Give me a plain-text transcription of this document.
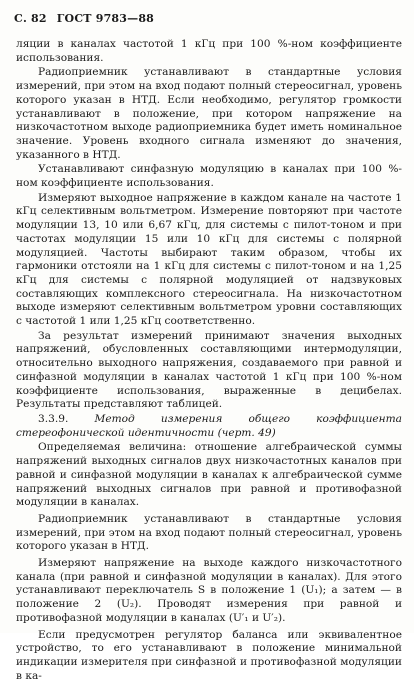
С. 82 ГОСТ 9783—88

ляции в каналах частотой 1 кГц при 100 %-ном коэффициенте использования.

Радиоприемник устанавливают в стандартные условия измерений, при этом на вход подают полный стереосигнал, уровень которого указан в НТД. Если необходимо, регулятор громкости устанавливают в положение, при котором напряжение на низкочастотном выходе радиоприемника будет иметь номинальное значение. Уровень входного сигнала изменяют до значения, указанного в НТД.

Устанавливают синфазную модуляцию в каналах при 100 %-ном коэффициенте использования.

Измеряют выходное напряжение в каждом канале на частоте 1 кГц селективным вольтметром. Измерение повторяют при частоте модуляции 13, 10 или 6,67 кГц, для системы с пилот-тоном и при частотах модуляции 15 или 10 кГц для системы с полярной модуляцией. Частоты выбирают таким образом, чтобы их гармоники отстояли на 1 кГц для системы с пилот-тоном и на 1,25 кГц для системы с полярной модуляцией от надзвуковых составляющих комплексного стереосигнала. На низкочастотном выходе измеряют селективным вольтметром уровни составляющих с частотой 1 или 1,25 кГц соответственно.

За результат измерений принимают значения выходных напряжений, обусловленных составляющими интермодуляции, относительно выходного напряжения, создаваемого при равной и синфазной модуляции в каналах частотой 1 кГц при 100 %-ном коэффициенте использования, выраженные в децибелах. Результаты представляют таблицей.

3.3.9. Метод измерения общего коэффициента стереофонической идентичности (черт. 49)

Определяемая величина: отношение алгебраической суммы напряжений выходных сигналов двух низкочастотных каналов при равной и синфазной модуляции в каналах к алгебраической сумме напряжений выходных сигналов при равной и противофазной модуляции в каналах.

Радиоприемник устанавливают в стандартные условия измерений, при этом на вход подают полный стереосигнал, уровень которого указан в НТД.

Измеряют напряжение на выходе каждого низкочастотного канала (при равной и синфазной модуляции в каналах). Для этого устанавливают переключатель S в положение 1 (U₁); а затем — в положение 2 (U₂). Проводят измерения при равной и противофазной модуляции в каналах (U′₁ и U′₂).

Если предусмотрен регулятор баланса или эквивалентное устройство, то его устанавливают в положение минимальной индикации измерителя при синфазной и противофазной модуляции в ка-
